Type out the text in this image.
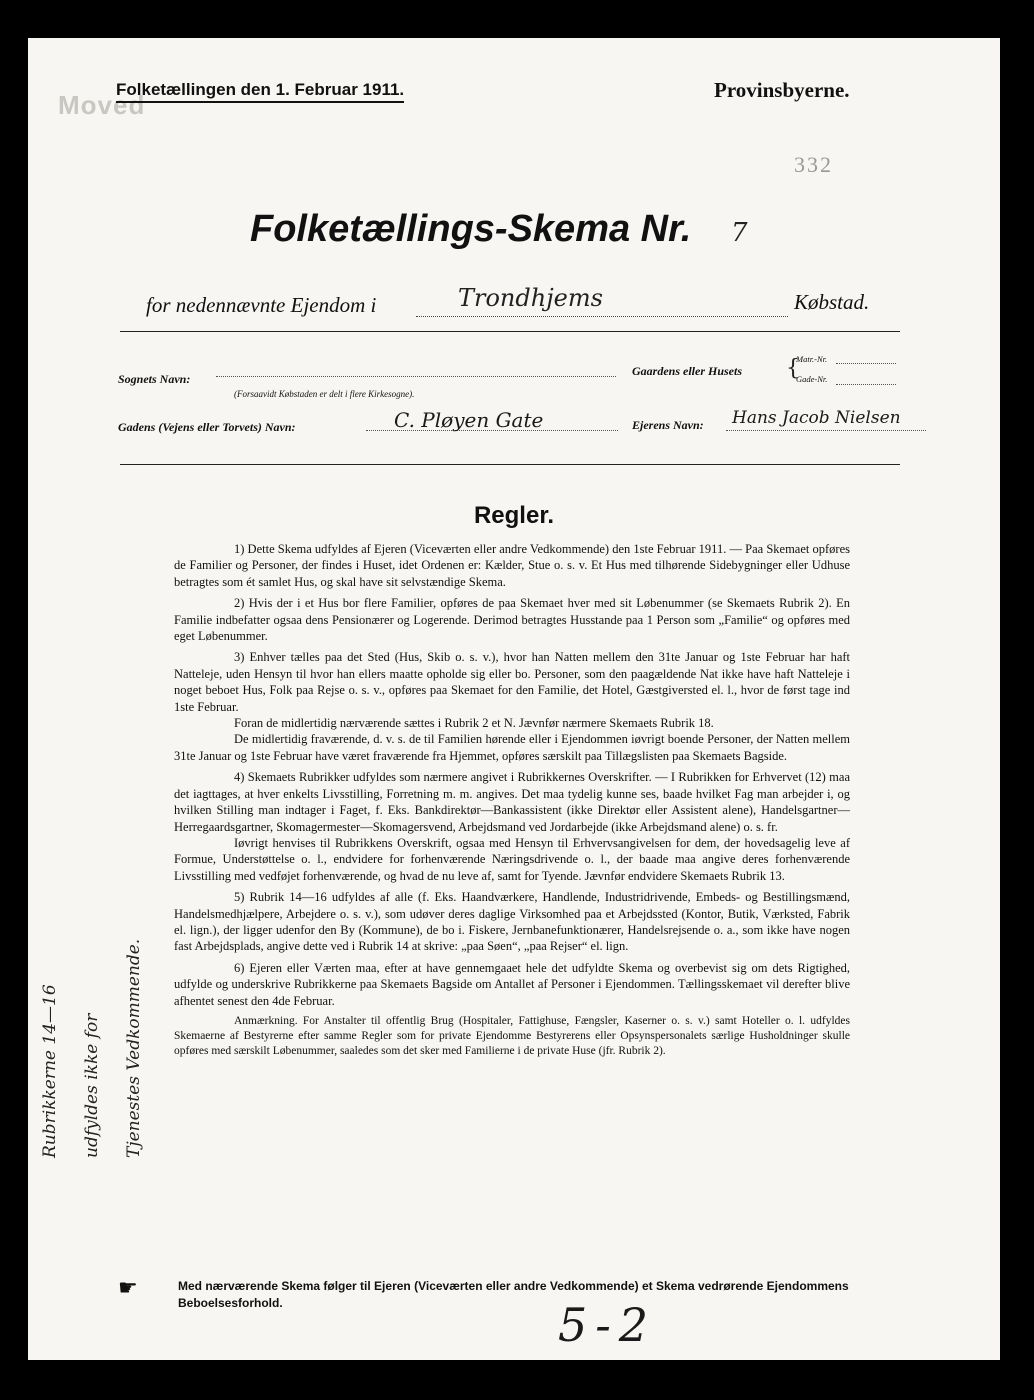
Moved
Folketællingen den 1. Februar 1911.	Provinsbyerne.
332
Folketællings-Skema Nr. 7
for nedennævnte Ejendom i	Trondhjems	Købstad.
Sognets Navn:
(Forsaavidt Købstaden er delt i flere Kirkesogne).
Gaardens eller Husets {
Matr.-Nr.
Gade-Nr.
Gadens (Vejens eller Torvets) Navn:	C. Pløyen Gate	Ejerens Navn: Hans Jacob Nielsen
Regler.

1) Dette Skema udfyldes af Ejeren (Viceværten eller andre Vedkommende) den 1ste Februar 1911. — Paa Skemaet opføres de Familier og Personer, der findes i Huset, idet Ordenen er: Kælder, Stue o. s. v. Et Hus med tilhørende Sidebygninger eller Udhuse betragtes som ét samlet Hus, og skal have sit selvstændige Skema.

2) Hvis der i et Hus bor flere Familier, opføres de paa Skemaet hver med sit Løbenummer (se Skemaets Rubrik 2). En Familie indbefatter ogsaa dens Pensionærer og Logerende. Derimod betragtes Husstande paa 1 Person som „Familie“ og opføres med eget Løbenummer.

3) Enhver tælles paa det Sted (Hus, Skib o. s. v.), hvor han Natten mellem den 31te Januar og 1ste Februar har haft Natteleje, uden Hensyn til hvor han ellers maatte opholde sig eller bo. Personer, som den paagældende Nat ikke have haft Natteleje i noget beboet Hus, Folk paa Rejse o. s. v., opføres paa Skemaet for den Familie, det Hotel, Gæstgiversted el. l., hvor de først tage ind 1ste Februar.

Foran de midlertidig nærværende sættes i Rubrik 2 et N. Jævnfør nærmere Skemaets Rubrik 18.

De midlertidig fraværende, d. v. s. de til Familien hørende eller i Ejendommen iøvrigt boende Personer, der Natten mellem 31te Januar og 1ste Februar have været fraværende fra Hjemmet, opføres særskilt paa Tillægslisten paa Skemaets Bagside.

4) Skemaets Rubrikker udfyldes som nærmere angivet i Rubrikkernes Overskrifter. — I Rubrikken for Erhvervet (12) maa det iagttages, at hver enkelts Livsstilling, Forretning m. m. angives. Det maa tydelig kunne ses, baade hvilket Fag man arbejder i, og hvilken Stilling man indtager i Faget, f. Eks. Bankdirektør—Bankassistent (ikke Direktør eller Assistent alene), Handelsgartner—Herregaardsgartner, Skomagermester—Skomagersvend, Arbejdsmand ved Jordarbejde (ikke Arbejdsmand alene) o. s. fr.

Iøvrigt henvises til Rubrikkens Overskrift, ogsaa med Hensyn til Erhvervsangivelsen for dem, der hovedsagelig leve af Formue, Understøttelse o. l., endvidere for forhenværende Næringsdrivende o. l., der baade maa angive deres forhenværende Livsstilling med vedføjet forhenværende, og hvad de nu leve af, samt for Tyende. Jævnfør endvidere Skemaets Rubrik 13.

5) Rubrik 14—16 udfyldes af alle (f. Eks. Haandværkere, Handlende, Industridrivende, Embeds- og Bestillingsmænd, Handelsmedhjælpere, Arbejdere o. s. v.), som udøver deres daglige Virksomhed paa et Arbejdssted (Kontor, Butik, Værksted, Fabrik el. lign.), der ligger udenfor den By (Kommune), de bo i. Fiskere, Jernbanefunktionærer, Handelsrejsende o. a., som ikke have nogen fast Arbejdsplads, angive dette ved i Rubrik 14 at skrive: „paa Søen“, „paa Rejser“ el. lign.

6) Ejeren eller Værten maa, efter at have gennemgaaet hele det udfyldte Skema og overbevist sig om dets Rigtighed, udfylde og underskrive Rubrikkerne paa Skemaets Bagside om Antallet af Personer i Ejendommen. Tællingsskemaet vil derefter blive afhentet senest den 4de Februar.

Anmærkning. For Anstalter til offentlig Brug (Hospitaler, Fattighuse, Fængsler, Kaserner o. s. v.) samt Hoteller o. l. udfyldes Skemaerne af Bestyrerne efter samme Regler som for private Ejendomme Bestyrerens eller Opsynspersonalets særlige Husholdninger skulle opføres med særskilt Løbenummer, saaledes som det sker med Familierne i de private Huse (jfr. Rubrik 2).

Rubrikkerne 14—16	udfyldes ikke for	Tjenestes Vedkommende.
☛	Med nærværende Skema følger til Ejeren (Viceværten eller andre Vedkommende) et Skema vedrørende Ejendommens Beboelsesforhold.	5-2
